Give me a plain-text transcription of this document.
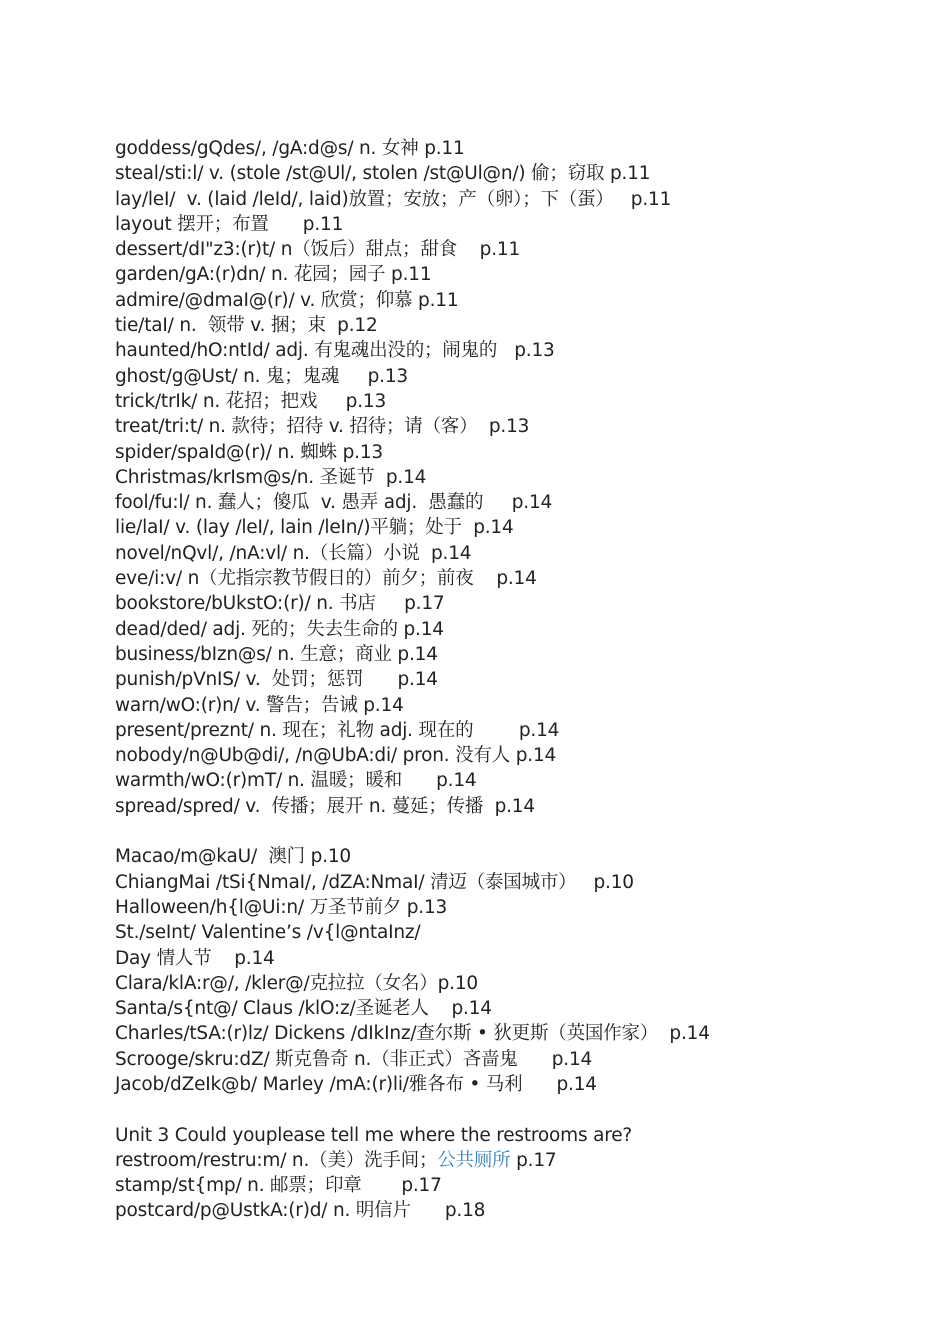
goddess/gQdes/, /gA:d@s/ n. 女神 p.11
steal/sti:l/ v. (stole /st@Ul/, stolen /st@Ul@n/) 偷；窃取 p.11
lay/leI/  v. (laid /leId/, laid)放置；安放；产（卵）；下（蛋）   p.11
layout 摆开；布置      p.11
dessert/dI"z3:(r)t/ n（饭后）甜点；甜食    p.11
garden/gA:(r)dn/ n. 花园；园子 p.11
admire/@dmaI@(r)/ v. 欣赏；仰慕 p.11
tie/taI/ n.  领带 v. 捆；束  p.12
haunted/hO:ntId/ adj. 有鬼魂出没的；闹鬼的   p.13
ghost/g@Ust/ n. 鬼；鬼魂     p.13
trick/trIk/ n. 花招；把戏     p.13
treat/tri:t/ n. 款待；招待 v. 招待；请（客）  p.13
spider/spaId@(r)/ n. 蜘蛛 p.13
Christmas/krIsm@s/n. 圣诞节  p.14
fool/fu:l/ n. 蠢人；傻瓜  v. 愚弄 adj.  愚蠢的     p.14
lie/laI/ v. (lay /leI/, lain /leIn/)平躺；处于  p.14
novel/nQvl/, /nA:vl/ n.（长篇）小说  p.14
eve/i:v/ n（尤指宗教节假日的）前夕；前夜    p.14
bookstore/bUkstO:(r)/ n. 书店     p.17
dead/ded/ adj. 死的；失去生命的 p.14
business/bIzn@s/ n. 生意；商业 p.14
punish/pVnIS/ v.  处罚；惩罚      p.14
warn/wO:(r)n/ v. 警告；告诫 p.14
present/preznt/ n. 现在；礼物 adj. 现在的        p.14
nobody/n@Ub@di/, /n@UbA:di/ pron. 没有人 p.14
warmth/wO:(r)mT/ n. 温暖；暖和      p.14
spread/spred/ v.  传播；展开 n. 蔓延；传播  p.14
Macao/m@kaU/  澳门 p.10
ChiangMai /tSi{NmaI/, /dZA:NmaI/ 清迈（泰国城市）   p.10
Halloween/h{l@Ui:n/ 万圣节前夕 p.13
St./seInt/ Valentine’s /v{l@ntaInz/
Day 情人节    p.14
Clara/klA:r@/, /kler@/克拉拉（女名）p.10
Santa/s{nt@/ Claus /klO:z/圣诞老人    p.14
Charles/tSA:(r)lz/ Dickens /dIkInz/查尔斯 • 狄更斯（英国作家）  p.14
Scrooge/skru:dZ/ 斯克鲁奇 n.（非正式）吝啬鬼      p.14
Jacob/dZeIk@b/ Marley /mA:(r)li/雅各布 • 马利      p.14
Unit 3 Could youplease tell me where the restrooms are?
restroom/restru:m/ n.（美）洗手间；公共厕所 p.17
stamp/st{mp/ n. 邮票；印章       p.17
postcard/p@UstkA:(r)d/ n. 明信片      p.18
